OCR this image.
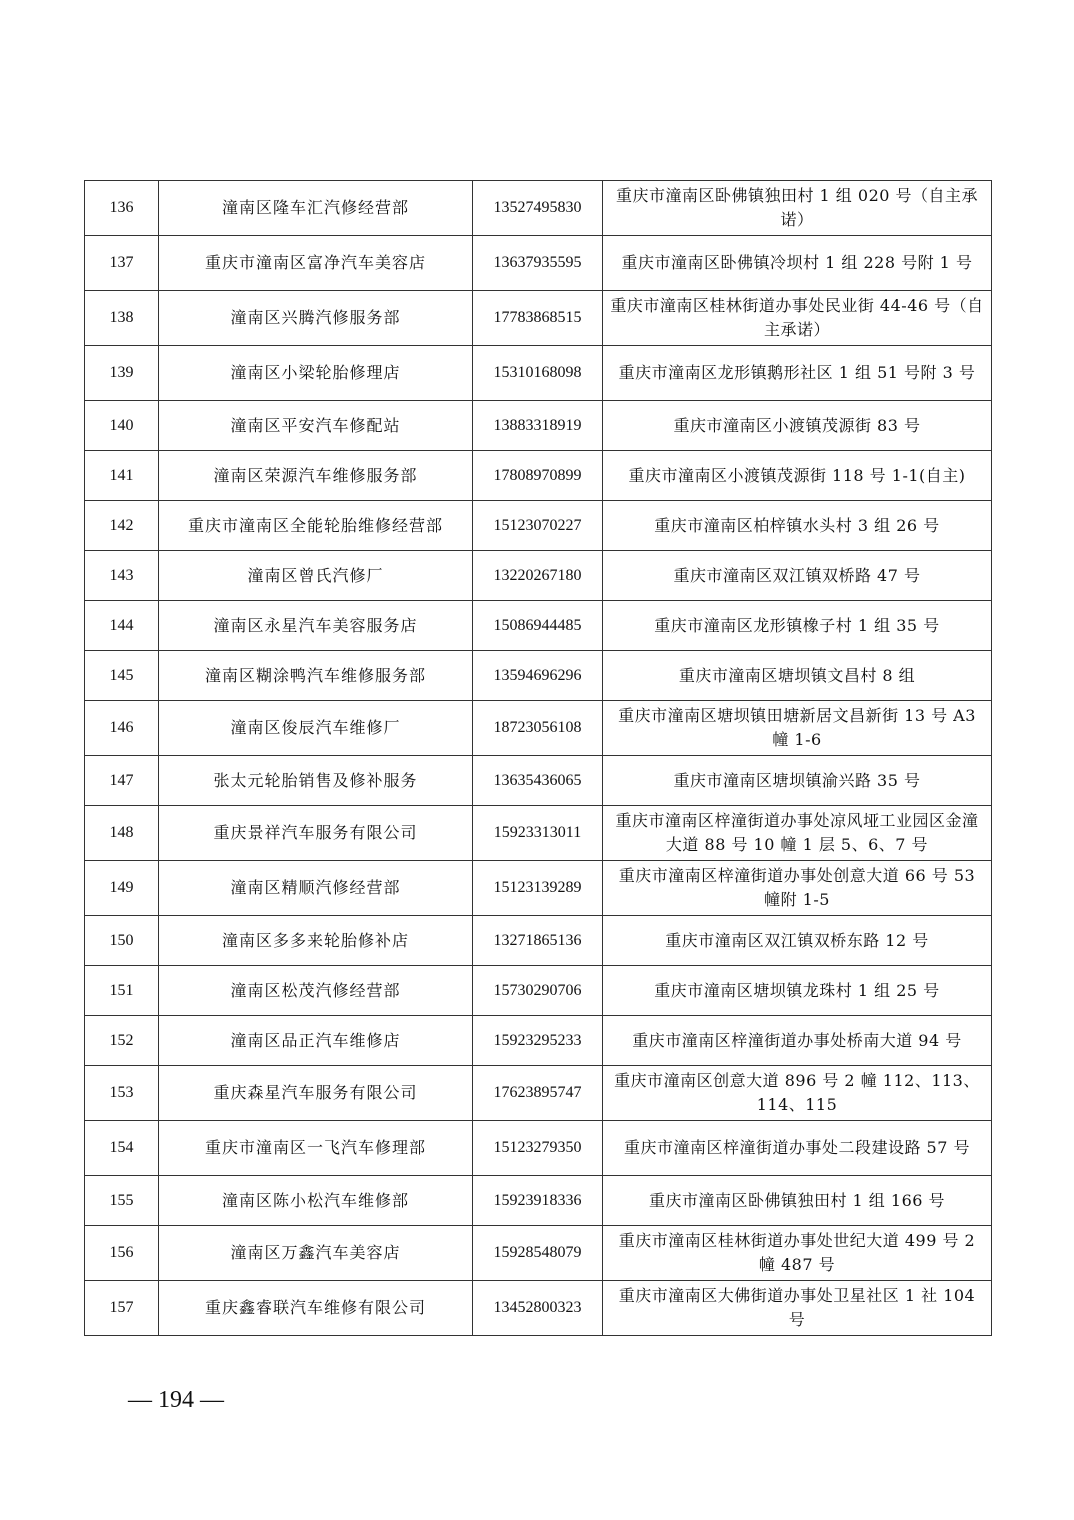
136	潼南区隆车汇汽修经营部	13527495830	重庆市潼南区卧佛镇独田村 1 组 020 号（自主承诺）
137	重庆市潼南区富净汽车美容店	13637935595	重庆市潼南区卧佛镇冷坝村 1 组 228 号附 1 号
138	潼南区兴腾汽修服务部	17783868515	重庆市潼南区桂林街道办事处民业街 44-46 号（自主承诺）
139	潼南区小梁轮胎修理店	15310168098	重庆市潼南区龙形镇鹅形社区 1 组 51 号附 3 号
140	潼南区平安汽车修配站	13883318919	重庆市潼南区小渡镇茂源街 83 号
141	潼南区荣源汽车维修服务部	17808970899	重庆市潼南区小渡镇茂源街 118 号 1-1(自主)
142	重庆市潼南区全能轮胎维修经营部	15123070227	重庆市潼南区柏梓镇水头村 3 组 26 号
143	潼南区曾氏汽修厂	13220267180	重庆市潼南区双江镇双桥路 47 号
144	潼南区永星汽车美容服务店	15086944485	重庆市潼南区龙形镇橡子村 1 组 35 号
145	潼南区糊涂鸭汽车维修服务部	13594696296	重庆市潼南区塘坝镇文昌村 8 组
146	潼南区俊辰汽车维修厂	18723056108	重庆市潼南区塘坝镇田塘新居文昌新街 13 号 A3 幢 1-6
147	张太元轮胎销售及修补服务	13635436065	重庆市潼南区塘坝镇渝兴路 35 号
148	重庆景祥汽车服务有限公司	15923313011	重庆市潼南区梓潼街道办事处凉风垭工业园区金潼大道 88 号 10 幢 1 层 5、6、7 号
149	潼南区精顺汽修经营部	15123139289	重庆市潼南区梓潼街道办事处创意大道 66 号 53 幢附 1-5
150	潼南区多多来轮胎修补店	13271865136	重庆市潼南区双江镇双桥东路 12 号
151	潼南区松茂汽修经营部	15730290706	重庆市潼南区塘坝镇龙珠村 1 组 25 号
152	潼南区品正汽车维修店	15923295233	重庆市潼南区梓潼街道办事处桥南大道 94 号
153	重庆森星汽车服务有限公司	17623895747	重庆市潼南区创意大道 896 号 2 幢 112、113、114、115
154	重庆市潼南区一飞汽车修理部	15123279350	重庆市潼南区梓潼街道办事处二段建设路 57 号
155	潼南区陈小松汽车维修部	15923918336	重庆市潼南区卧佛镇独田村 1 组 166 号
156	潼南区万鑫汽车美容店	15928548079	重庆市潼南区桂林街道办事处世纪大道 499 号 2 幢 487 号
157	重庆鑫睿联汽车维修有限公司	13452800323	重庆市潼南区大佛街道办事处卫星社区 1 社 104 号
— 194 —
